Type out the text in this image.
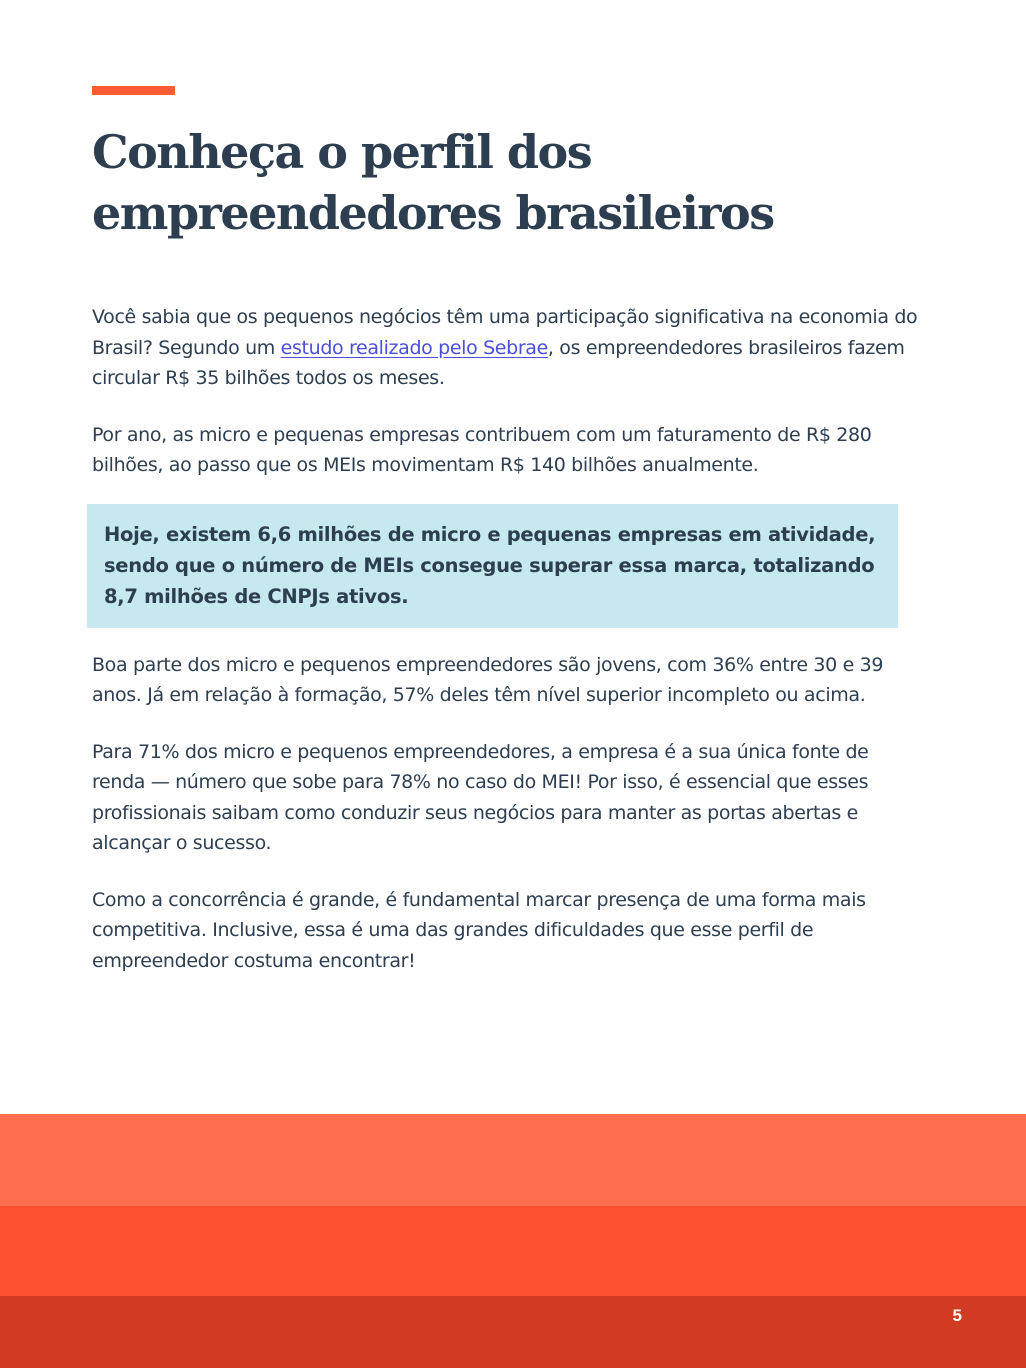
Conheça o perfil dos
empreendedores brasileiros

Você sabia que os pequenos negócios têm uma participação significativa na economia do Brasil? Segundo um estudo realizado pelo Sebrae, os empreendedores brasileiros fazem circular R$ 35 bilhões todos os meses.

Por ano, as micro e pequenas empresas contribuem com um faturamento de R$ 280 bilhões, ao passo que os MEIs movimentam R$ 140 bilhões anualmente.

Hoje, existem 6,6 milhões de micro e pequenas empresas em atividade, sendo que o número de MEIs consegue superar essa marca, totalizando 8,7 milhões de CNPJs ativos.

Boa parte dos micro e pequenos empreendedores são jovens, com 36% entre 30 e 39 anos. Já em relação à formação, 57% deles têm nível superior incompleto ou acima.

Para 71% dos micro e pequenos empreendedores, a empresa é a sua única fonte de renda — número que sobe para 78% no caso do MEI! Por isso, é essencial que esses profissionais saibam como conduzir seus negócios para manter as portas abertas e alcançar o sucesso.

Como a concorrência é grande, é fundamental marcar presença de uma forma mais competitiva. Inclusive, essa é uma das grandes dificuldades que esse perfil de empreendedor costuma encontrar!

5
